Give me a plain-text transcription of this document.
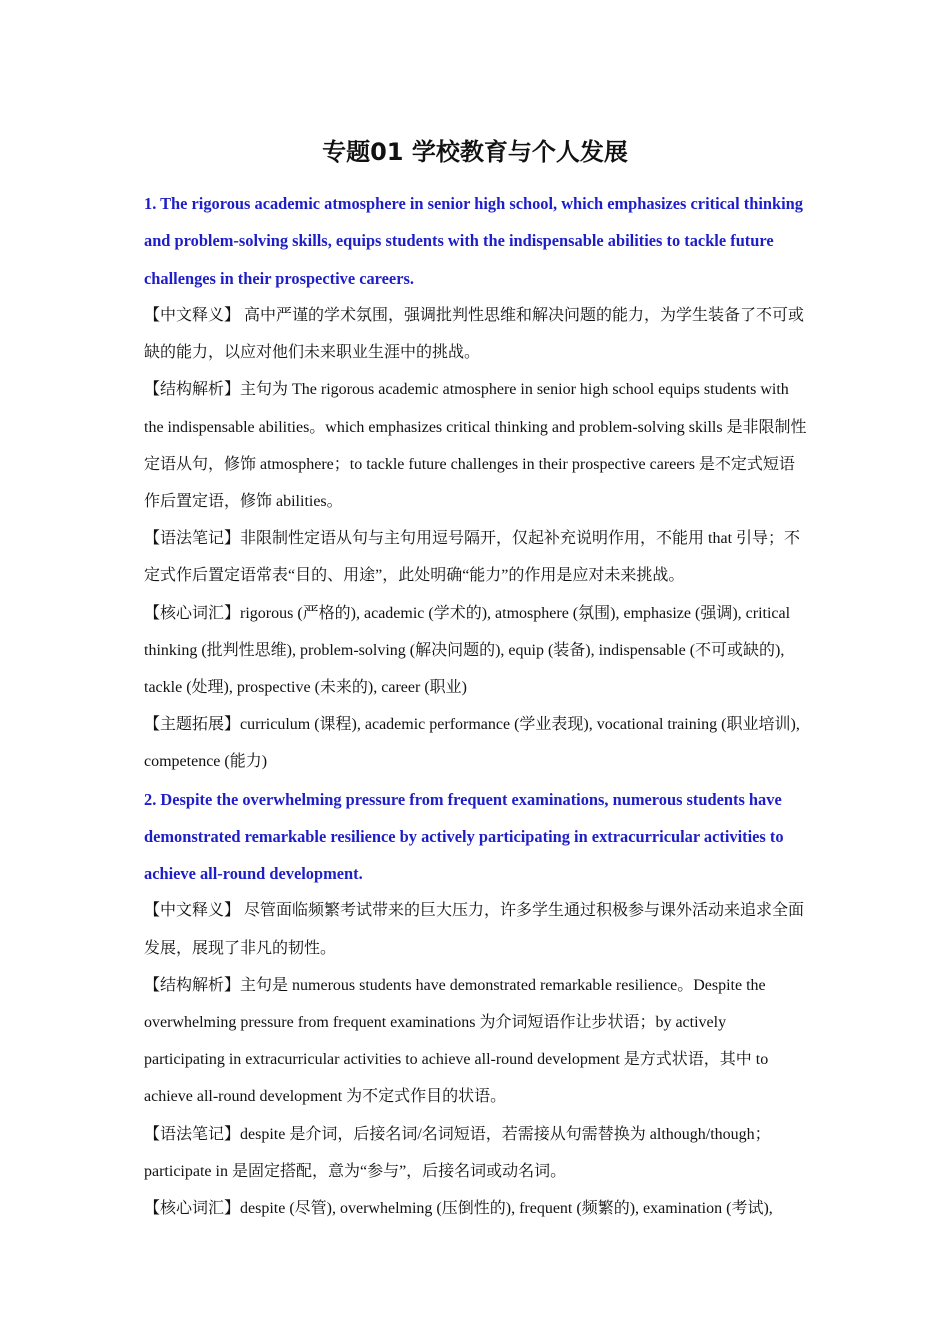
专题01 学校教育与个人发展

1. The rigorous academic atmosphere in senior high school, which emphasizes critical thinking and problem-solving skills, equips students with the indispensable abilities to tackle future challenges in their prospective careers.

【中文释义】 高中严谨的学术氛围，强调批判性思维和解决问题的能力，为学生装备了不可或缺的能力，以应对他们未来职业生涯中的挑战。

【结构解析】主句为 The rigorous academic atmosphere in senior high school equips students with the indispensable abilities。which emphasizes critical thinking and problem-solving skills 是非限制性定语从句，修饰 atmosphere；to tackle future challenges in their prospective careers 是不定式短语作后置定语，修饰 abilities。

【语法笔记】非限制性定语从句与主句用逗号隔开，仅起补充说明作用，不能用 that 引导；不定式作后置定语常表“目的、用途”，此处明确“能力”的作用是应对未来挑战。

【核心词汇】rigorous (严格的), academic (学术的), atmosphere (氛围), emphasize (强调), critical thinking (批判性思维), problem-solving (解决问题的), equip (装备), indispensable (不可或缺的), tackle (处理), prospective (未来的), career (职业)

【主题拓展】curriculum (课程), academic performance (学业表现), vocational training (职业培训), competence (能力)

2. Despite the overwhelming pressure from frequent examinations, numerous students have demonstrated remarkable resilience by actively participating in extracurricular activities to achieve all-round development.

【中文释义】 尽管面临频繁考试带来的巨大压力，许多学生通过积极参与课外活动来追求全面发展，展现了非凡的韧性。

【结构解析】主句是 numerous students have demonstrated remarkable resilience。Despite the overwhelming pressure from frequent examinations 为介词短语作让步状语；by actively participating in extracurricular activities to achieve all-round development 是方式状语，其中 to achieve all-round development 为不定式作目的状语。

【语法笔记】despite 是介词，后接名词/名词短语，若需接从句需替换为 although/though；participate in 是固定搭配，意为“参与”，后接名词或动名词。

【核心词汇】despite (尽管), overwhelming (压倒性的), frequent (频繁的), examination (考试),
